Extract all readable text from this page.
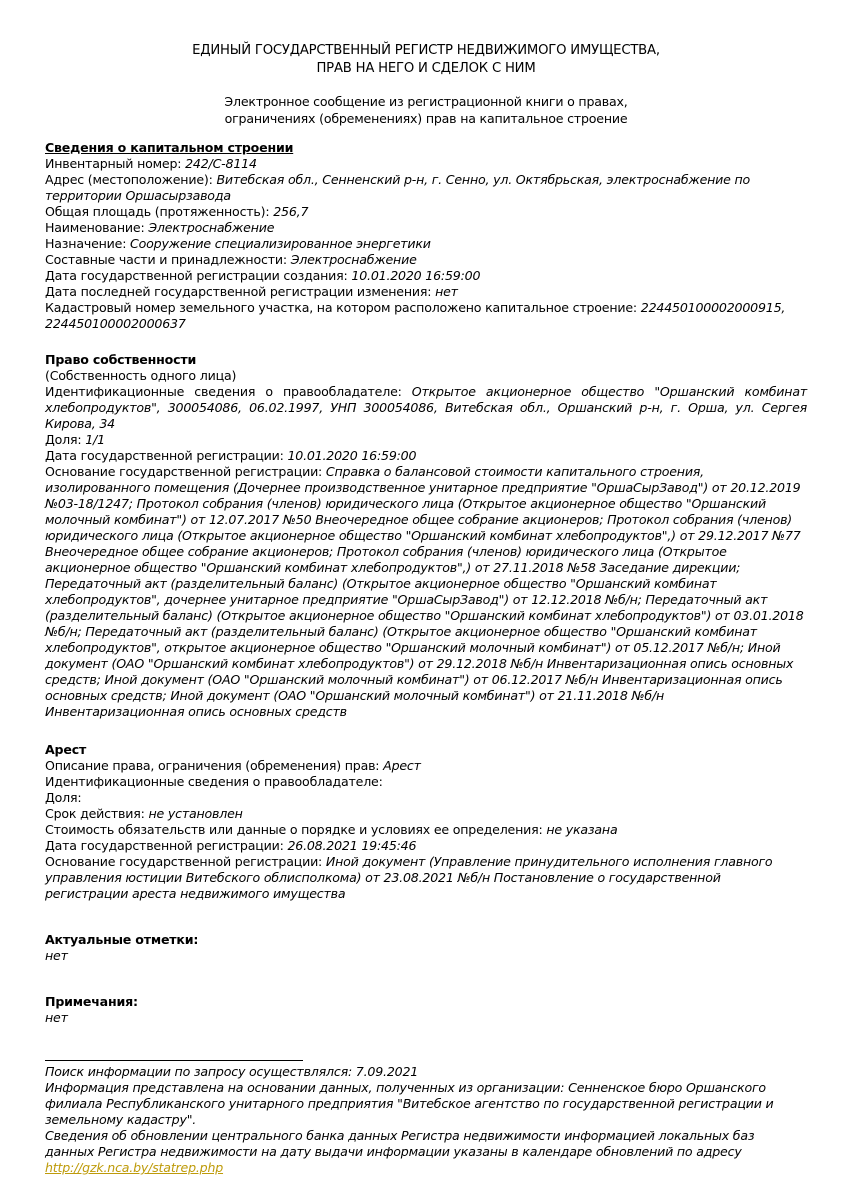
ЕДИНЫЙ ГОСУДАРСТВЕННЫЙ РЕГИСТР НЕДВИЖИМОГО ИМУЩЕСТВА,
ПРАВ НА НЕГО И СДЕЛОК С НИМ
Электронное сообщение из регистрационной книги о правах,
ограничениях (обременениях) прав на капитальное строение
Сведения о капитальном строении
Инвентарный номер: 242/С-8114
Адрес (местоположение): Витебская обл., Сенненский р-н, г. Сенно, ул. Октябрьская, электроснабжение по территории Оршасырзавода
Общая площадь (протяженность): 256,7
Наименование: Электроснабжение
Назначение: Сооружение специализированное энергетики
Составные части и принадлежности: Электроснабжение
Дата государственной регистрации создания: 10.01.2020 16:59:00
Дата последней государственной регистрации изменения: нет
Кадастровый номер земельного участка, на котором расположено капитальное строение: 224450100002000915, 224450100002000637
Право собственности
(Собственность одного лица)
Идентификационные сведения о правообладателе: Открытое акционерное общество "Оршанский комбинат хлебопродуктов", 300054086, 06.02.1997, УНП 300054086, Витебская обл., Оршанский р-н, г. Орша, ул. Сергея Кирова, 34
Доля: 1/1
Дата государственной регистрации: 10.01.2020 16:59:00
Основание государственной регистрации: Справка о балансовой стоимости капитального строения, изолированного помещения (Дочернее производственное унитарное предприятие "ОршаСырЗавод") от 20.12.2019 №03-18/1247; Протокол собрания (членов) юридического лица (Открытое акционерное общество "Оршанский молочный комбинат") от 12.07.2017 №50 Внеочередное общее собрание акционеров; Протокол собрания (членов) юридического лица (Открытое акционерное общество "Оршанский комбинат хлебопродуктов",) от 29.12.2017 №77 Внеочередное общее собрание акционеров; Протокол собрания (членов) юридического лица (Открытое акционерное общество "Оршанский комбинат хлебопродуктов",) от 27.11.2018 №58 Заседание дирекции; Передаточный акт (разделительный баланс) (Открытое акционерное общество "Оршанский комбинат хлебопродуктов", дочернее унитарное предприятие "ОршаСырЗавод") от 12.12.2018 №б/н; Передаточный акт (разделительный баланс) (Открытое акционерное общество "Оршанский комбинат хлебопродуктов") от 03.01.2018 №б/н; Передаточный акт (разделительный баланс) (Открытое акционерное общество "Оршанский комбинат хлебопродуктов", открытое акционерное общество "Оршанский молочный комбинат") от 05.12.2017 №б/н; Иной документ (ОАО "Оршанский комбинат хлебопродуктов") от 29.12.2018 №б/н Инвентаризационная опись основных средств; Иной документ (ОАО "Оршанский молочный комбинат") от 06.12.2017 №б/н Инвентаризационная опись основных средств; Иной документ (ОАО "Оршанский молочный комбинат") от 21.11.2018 №б/н Инвентаризационная опись основных средств
Арест
Описание права, ограничения (обременения) прав: Арест
Идентификационные сведения о правообладателе:
Доля:
Срок действия: не установлен
Стоимость обязательств или данные о порядке и условиях ее определения: не указана
Дата государственной регистрации: 26.08.2021 19:45:46
Основание государственной регистрации: Иной документ (Управление принудительного исполнения главного управления юстиции Витебского облисполкома) от 23.08.2021 №б/н Постановление о государственной регистрации ареста недвижимого имущества
Актуальные отметки:
нет
Примечания:
нет
Поиск информации по запросу осуществлялся: 7.09.2021
Информация представлена на основании данных, полученных из организации: Сенненское бюро Оршанского филиала Республиканского унитарного предприятия "Витебское агентство по государственной регистрации и земельному кадастру".
Сведения об обновлении центрального банка данных Регистра недвижимости информацией локальных баз данных Регистра недвижимости на дату выдачи информации указаны в календаре обновлений по адресу
http://gzk.nca.by/statrep.php
